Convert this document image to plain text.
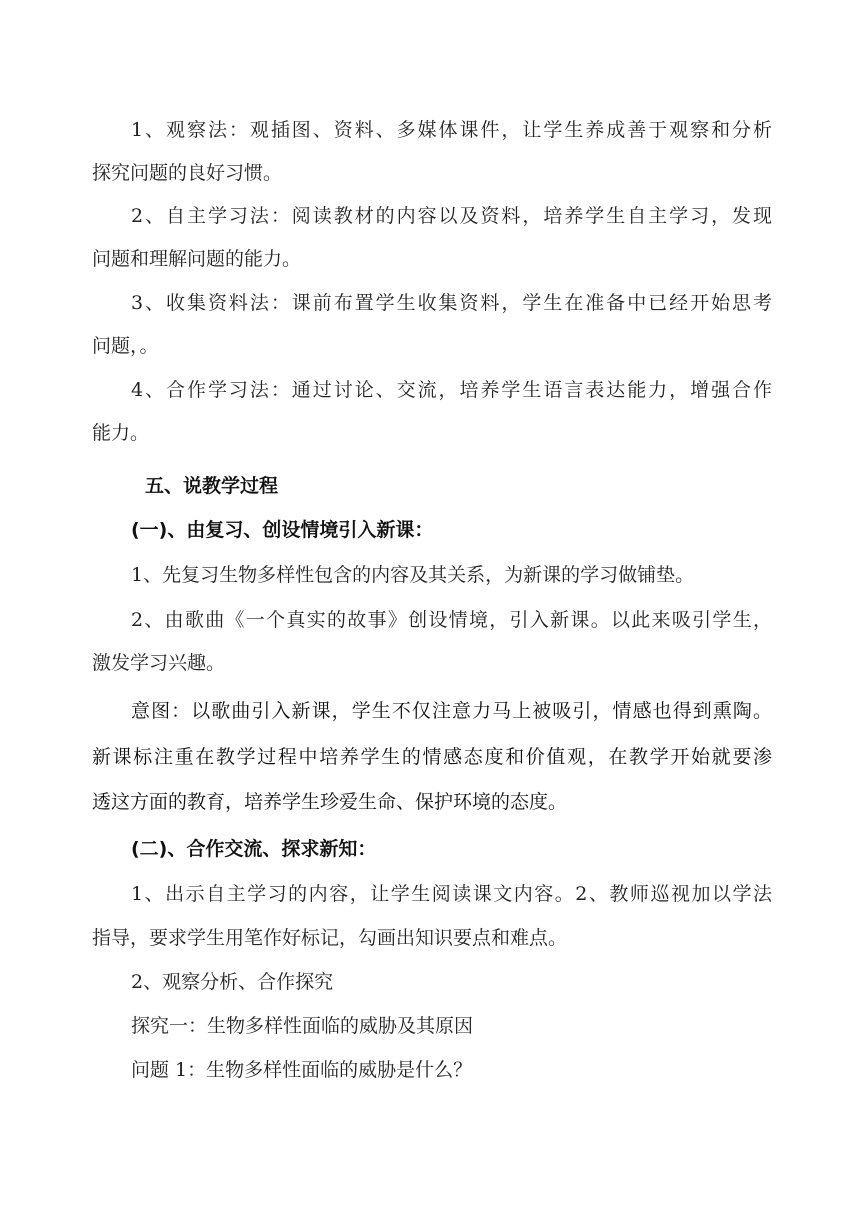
1、观察法：观插图、资料、多媒体课件，让学生养成善于观察和分析
探究问题的良好习惯。
2、自主学习法：阅读教材的内容以及资料，培养学生自主学习，发现
问题和理解问题的能力。
3、收集资料法：课前布置学生收集资料，学生在准备中已经开始思考
问题，。
4、合作学习法：通过讨论、交流，培养学生语言表达能力，增强合作
能力。
五、说教学过程
(一)、由复习、创设情境引入新课：
1、先复习生物多样性包含的内容及其关系，为新课的学习做铺垫。
2、由歌曲《一个真实的故事》创设情境，引入新课。以此来吸引学生，
激发学习兴趣。
意图：以歌曲引入新课，学生不仅注意力马上被吸引，情感也得到熏陶。
新课标注重在教学过程中培养学生的情感态度和价值观，在教学开始就要渗
透这方面的教育，培养学生珍爱生命、保护环境的态度。
(二)、合作交流、探求新知：
1、出示自主学习的内容，让学生阅读课文内容。2、教师巡视加以学法
指导，要求学生用笔作好标记，勾画出知识要点和难点。
2、观察分析、合作探究
探究一：生物多样性面临的威胁及其原因
问题 1：生物多样性面临的威胁是什么？
